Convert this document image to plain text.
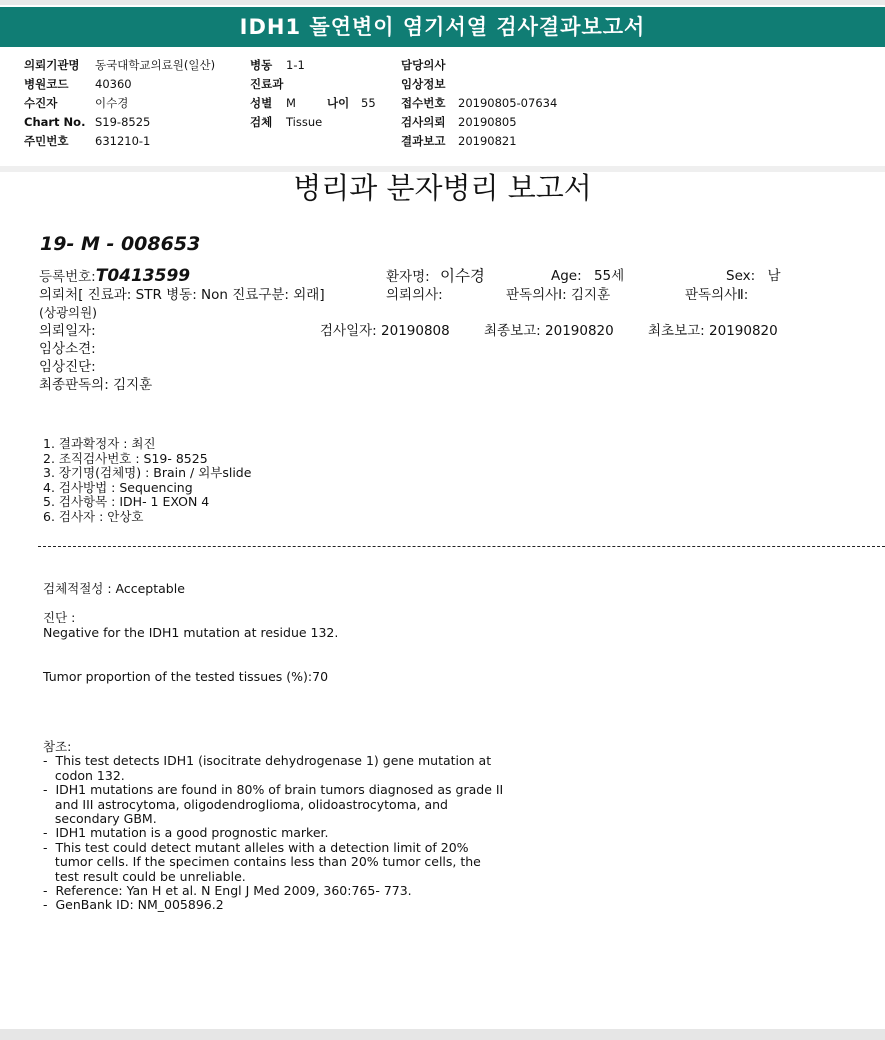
IDH1 돌연변이 염기서열 검사결과보고서
의뢰기관명 동국대학교의료원(일산)	병동 1-1	담당의사
병원코드 40360	진료과	임상정보
수진자	이수경	성별 M	나이 55 접수번호 20190805-07634
Chart No. S19-8525	검체 Tissue	검사의뢰 20190805
주민번호 631210-1	결과보고 20190821
병리과 분자병리 보고서
19- M - 008653
등록번호:T0413599	환자명: 이수경	Age: 55세	Sex: 남
의뢰처[ 진료과: STR 병동: Non 진료구분: 외래]	의뢰의사:	판독의사Ⅰ: 김지훈	판독의사Ⅱ:
(상광의원)
의뢰일자:	검사일자: 20190808	최종보고: 20190820	최초보고: 20190820
임상소견:
임상진단:
최종판독의: 김지훈
1. 결과확정자 : 최진
2. 조직검사번호 : S19- 8525
3. 장기명(검체명) : Brain / 외부slide
4. 검사방법 : Sequencing
5. 검사항목 : IDH- 1 EXON 4
6. 검사자 : 안상호
검체적절성 : Acceptable
진단 :
Negative for the IDH1 mutation at residue 132.
Tumor proportion of the tested tissues (%):70
참조:
-  This test detects IDH1 (isocitrate dehydrogenase 1) gene mutation at
codon 132.
-  IDH1 mutations are found in 80% of brain tumors diagnosed as grade II
and III astrocytoma, oligodendroglioma, olidoastrocytoma, and
secondary GBM.
-  IDH1 mutation is a good prognostic marker.
-  This test could detect mutant alleles with a detection limit of 20%
tumor cells. If the specimen contains less than 20% tumor cells, the
test result could be unreliable.
-  Reference: Yan H et al. N Engl J Med 2009, 360:765- 773.
-  GenBank ID: NM_005896.2
